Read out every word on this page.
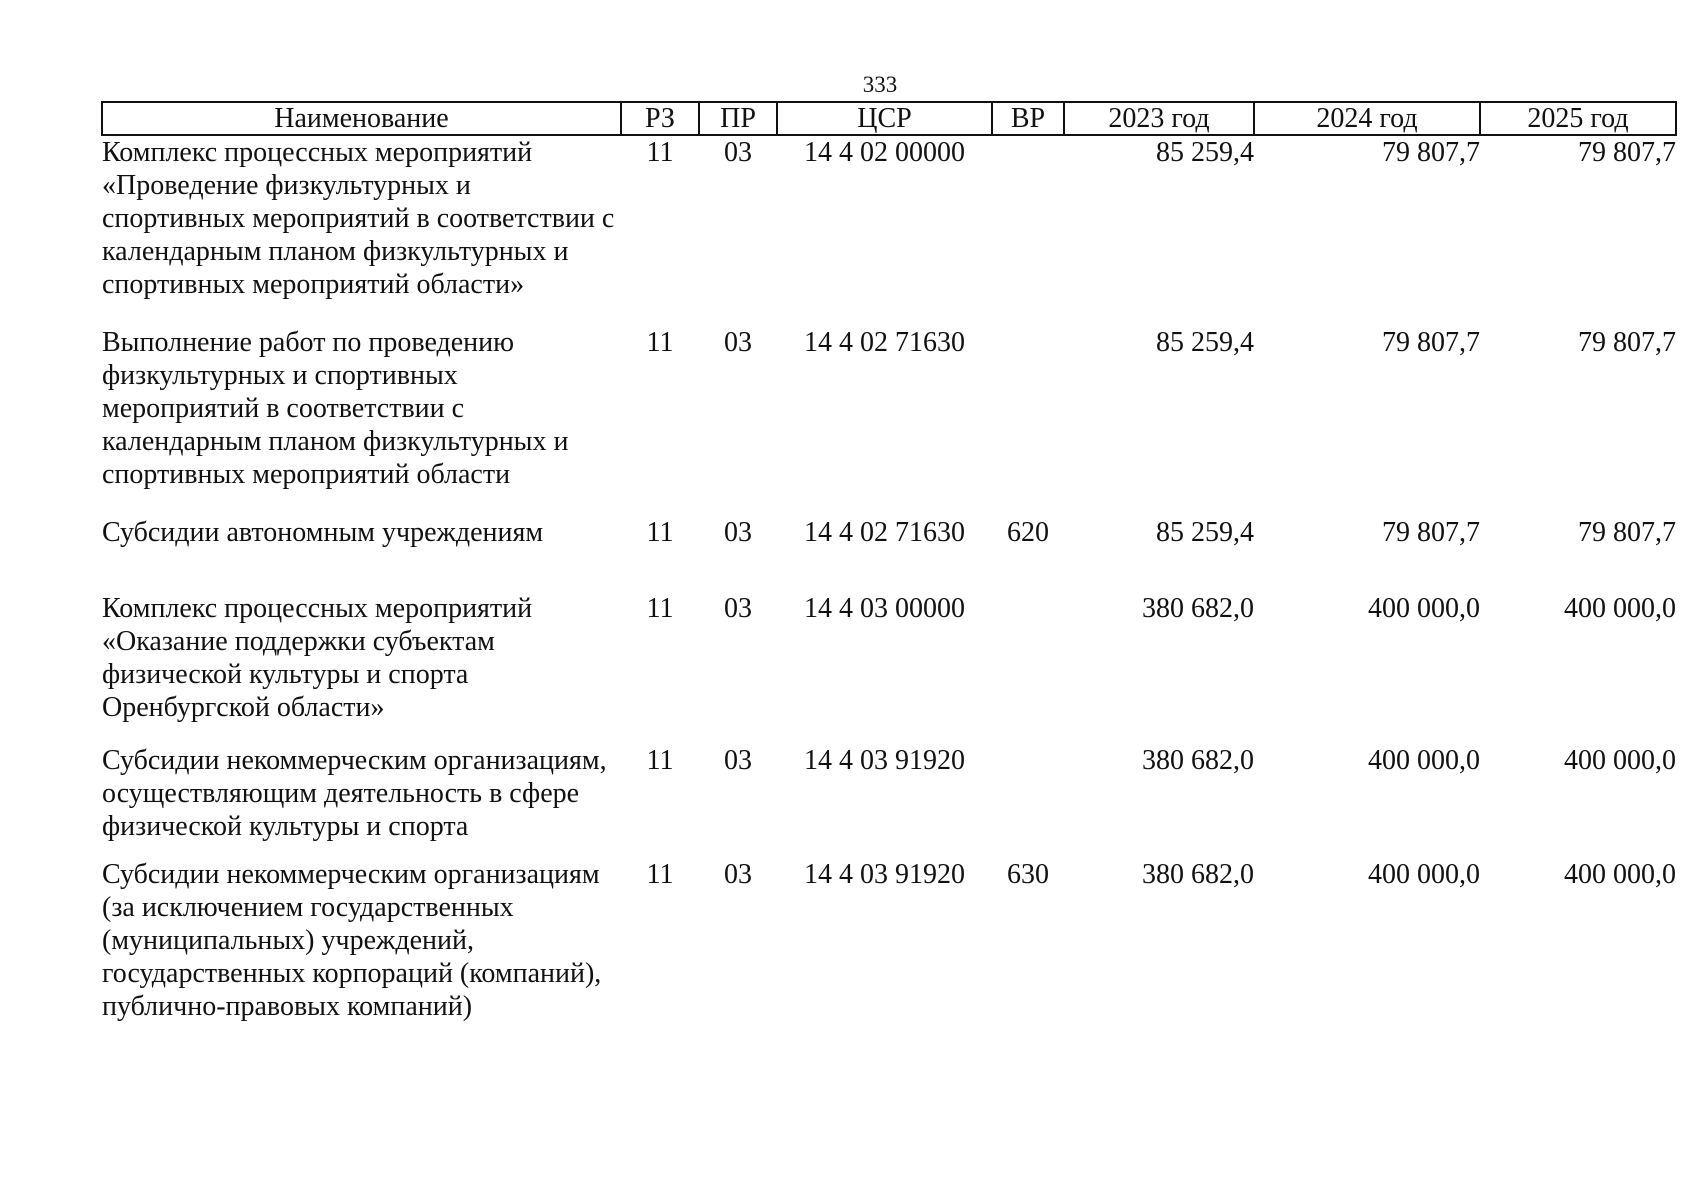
333
Наименование	РЗ	ПР	ЦСР	ВР	2023 год	2024 год	2025 год
Комплекс процессных мероприятий «Проведение физкультурных и спортивных мероприятий в соответствии с календарным планом физкультурных и спортивных мероприятий области»	11	03	14 4 02 00000		85 259,4	79 807,7	79 807,7
Выполнение работ по проведению физкультурных и спортивных мероприятий в соответствии с календарным планом физкультурных и спортивных мероприятий области	11	03	14 4 02 71630		85 259,4	79 807,7	79 807,7
Субсидии автономным учреждениям	11	03	14 4 02 71630	620	85 259,4	79 807,7	79 807,7
Комплекс процессных мероприятий «Оказание поддержки субъектам физической культуры и спорта Оренбургской области»	11	03	14 4 03 00000		380 682,0	400 000,0	400 000,0
Субсидии некоммерческим организациям, осуществляющим деятельность в сфере физической культуры и спорта	11	03	14 4 03 91920		380 682,0	400 000,0	400 000,0
Субсидии некоммерческим организациям (за исключением государственных (муниципальных) учреждений, государственных корпораций (компаний), публично-правовых компаний)	11	03	14 4 03 91920	630	380 682,0	400 000,0	400 000,0
